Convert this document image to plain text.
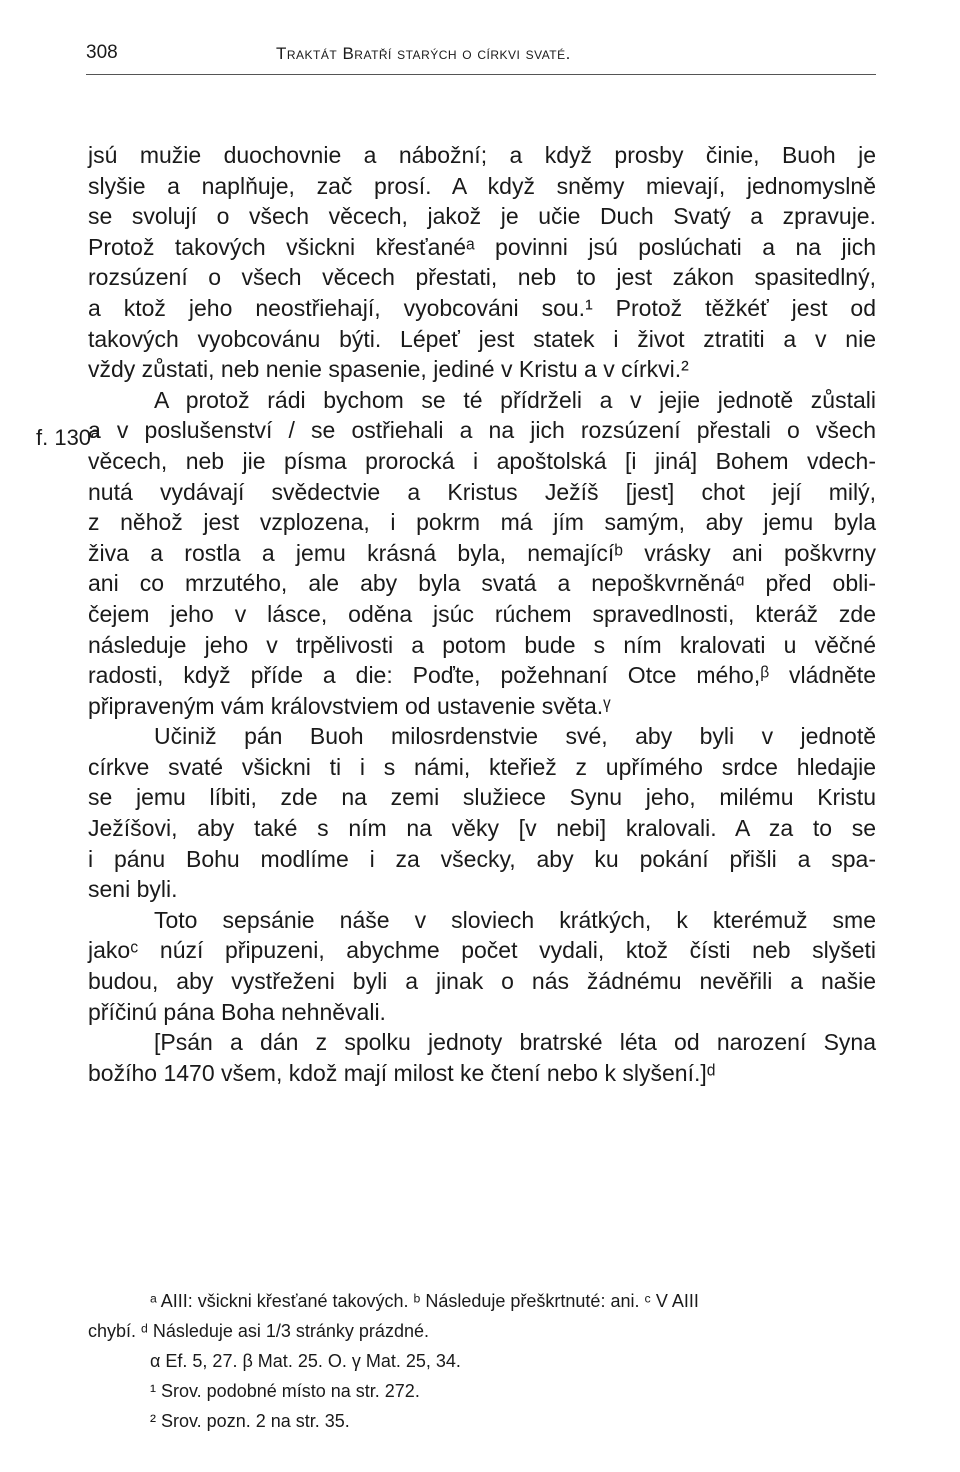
308	Traktát Bratří starých o církvi svaté.
f. 130ª
jsú mužie duochovnie a nábožní; a když prosby činie, Buoh je
slyšie a naplňuje, zač prosí. A když sněmy mievají, jednomyslně
se svolují o všech věcech, jakož je učie Duch Svatý a zpravuje.
Protož takových všickni křesťanéᵃ povinni jsú poslúchati a na jich
rozsúzení o všech věcech přestati, neb to jest zákon spasitedlný,
a ktož jeho neostřiehají, vyobcováni sou.¹ Protož těžkéť jest od
takových vyobcovánu býti. Lépeť jest statek i život ztratiti a v nie
vždy zůstati, neb nenie spasenie, jediné v Kristu a v církvi.²
A protož rádi bychom se té přídrželi a v jejie jednotě zůstali
a v poslušenství / se ostřiehali a na jich rozsúzení přestali o všech
věcech, neb jie písma prorocká i apoštolská [i jiná] Bohem vdech-
nutá vydávají svědectvie a Kristus Ježíš [jest] chot její milý,
z něhož jest vzplozena, i pokrm má jím samým, aby jemu byla
živa a rostla a jemu krásná byla, nemajícíᵇ vrásky ani poškvrny
ani co mrzutého, ale aby byla svatá a nepoškvrněnáᵅ před obli-
čejem jeho v lásce, oděna jsúc rúchem spravedlnosti, kteráž zde
následuje jeho v trpělivosti a potom bude s ním kralovati u věčné
radosti, když příde a die: Poďte, požehnaní Otce mého,ᵝ vládněte
připraveným vám královstviem od ustavenie světa.ᵞ
Učiniž pán Buoh milosrdenstvie své, aby byli v jednotě
církve svaté všickni ti i s námi, kteřiež z upřímého srdce hledajie
se jemu líbiti, zde na zemi služiece Synu jeho, milému Kristu
Ježíšovi, aby také s ním na věky [v nebi] kralovali. A za to se
i pánu Bohu modlíme i za všecky, aby ku pokání přišli a spa-
seni byli.
Toto sepsánie náše v sloviech krátkých, k kterémuž sme
jakoᶜ núzí připuzeni, abychme počet vydali, ktož čísti neb slyšeti
budou, aby vystřeženi byli a jinak o nás žádnému nevěřili a našie
příčinú pána Boha nehněvali.
[Psán a dán z spolku jednoty bratrské léta od narození Syna
božího 1470 všem, kdož mají milost ke čtení nebo k slyšení.]ᵈ
ᵃ AIII: všickni křesťané takových. ᵇ Následuje přeškrtnuté: ani. ᶜ V AIII
chybí. ᵈ Následuje asi 1/3 stránky prázdné.
α Ef. 5, 27. β Mat. 25. O. γ Mat. 25, 34.
¹ Srov. podobné místo na str. 272.
² Srov. pozn. 2 na str. 35.
